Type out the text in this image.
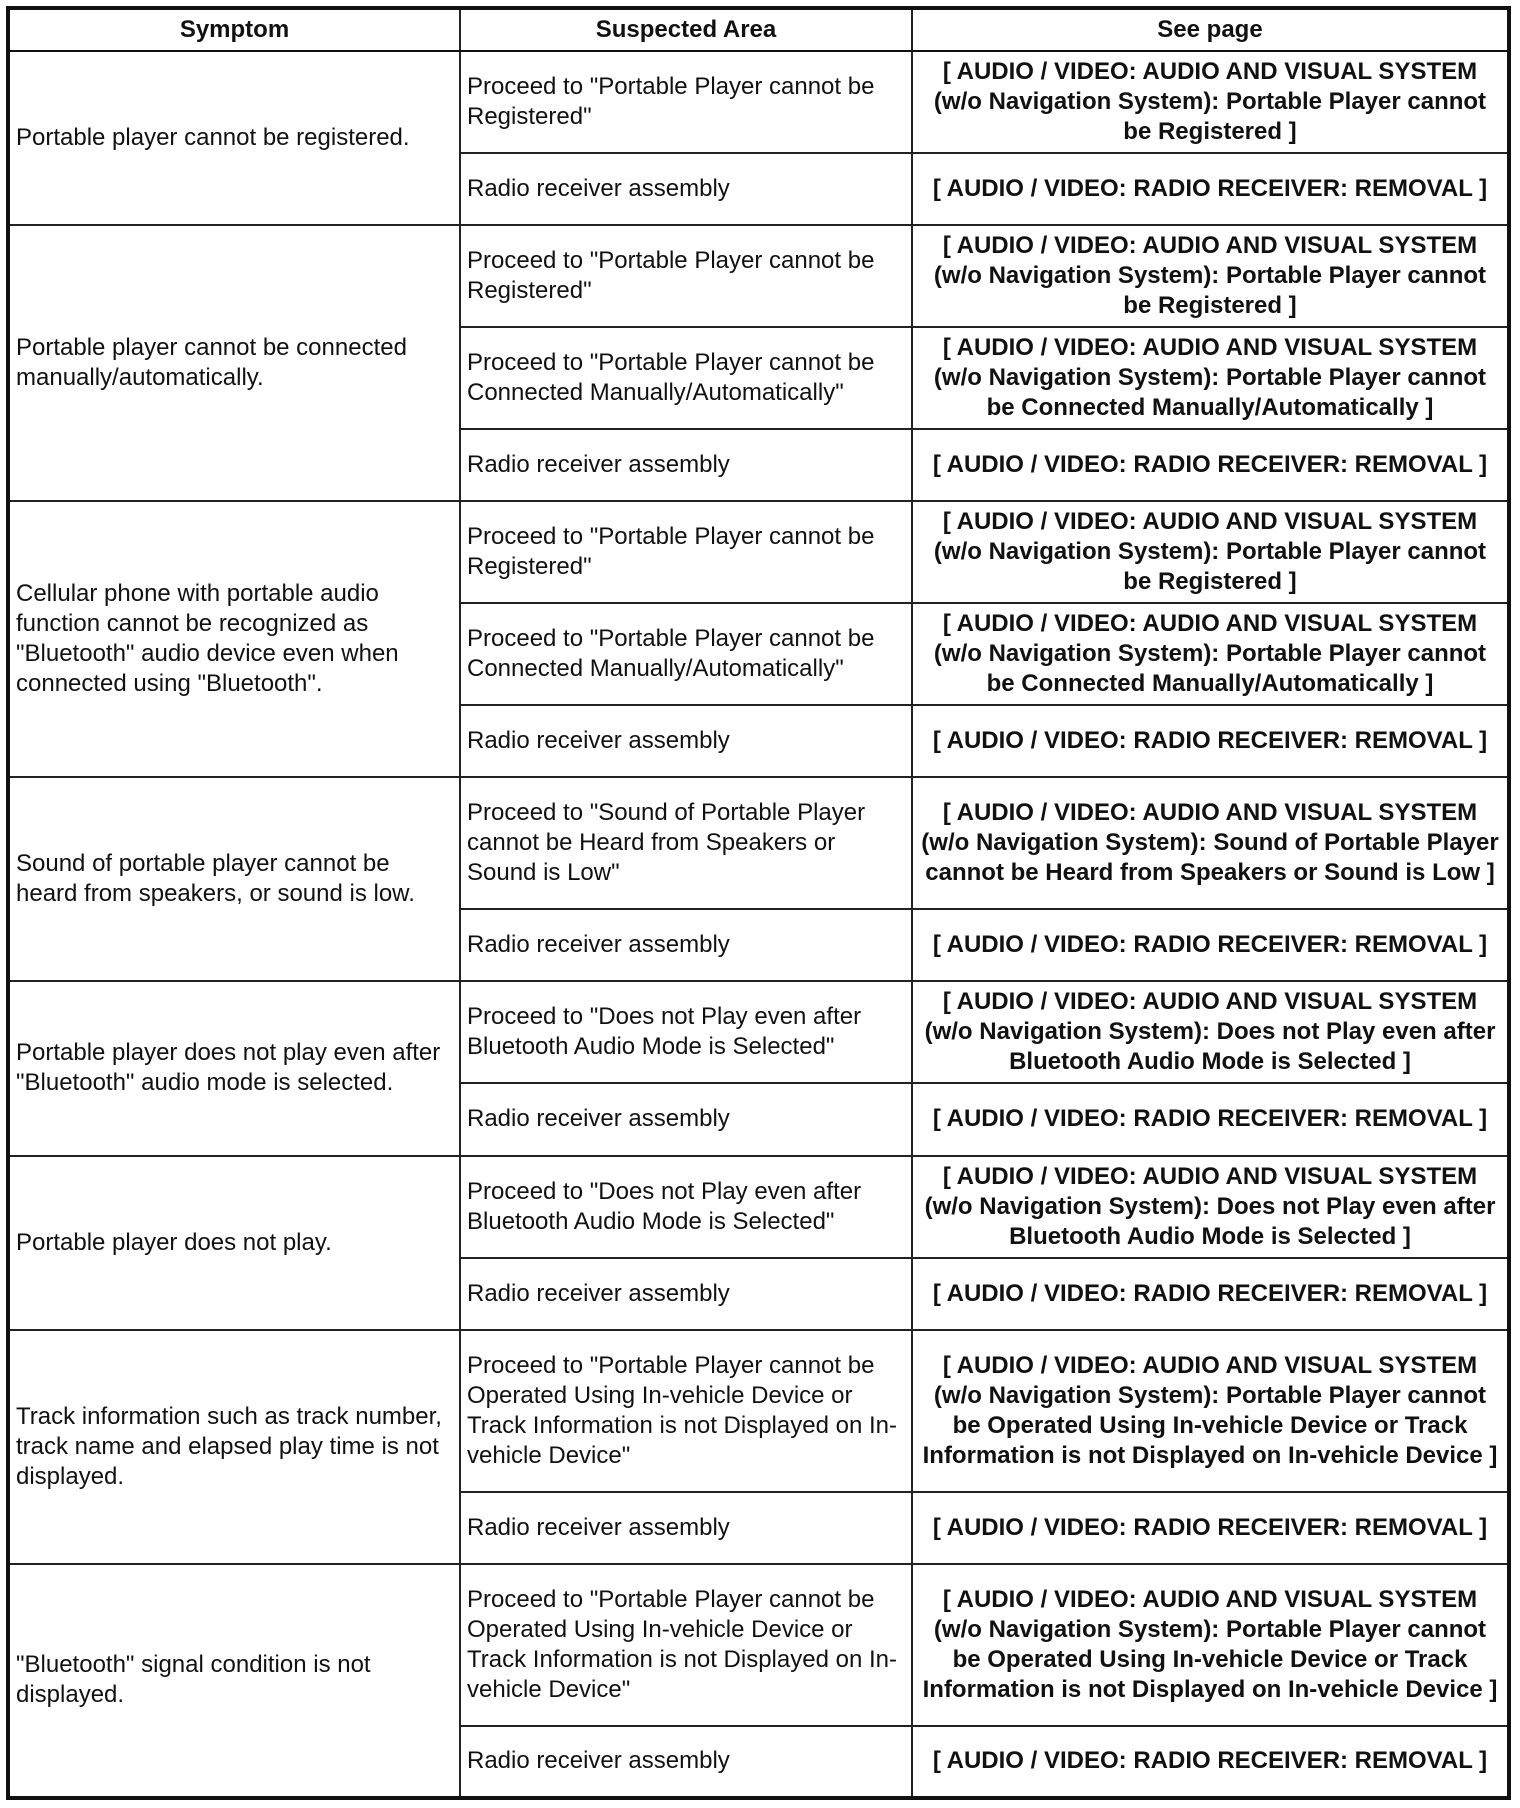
Symptom	Suspected Area	See page
Portable player cannot be registered.	Proceed to "Portable Player cannot be Registered"	[ AUDIO / VIDEO: AUDIO AND VISUAL SYSTEM (w/o Navigation System): Portable Player cannot be Registered ]
	Radio receiver assembly	[ AUDIO / VIDEO: RADIO RECEIVER: REMOVAL ]
Portable player cannot be connected manually/automatically.	Proceed to "Portable Player cannot be Registered"	[ AUDIO / VIDEO: AUDIO AND VISUAL SYSTEM (w/o Navigation System): Portable Player cannot be Registered ]
	Proceed to "Portable Player cannot be Connected Manually/Automatically"	[ AUDIO / VIDEO: AUDIO AND VISUAL SYSTEM (w/o Navigation System): Portable Player cannot be Connected Manually/Automatically ]
	Radio receiver assembly	[ AUDIO / VIDEO: RADIO RECEIVER: REMOVAL ]
Cellular phone with portable audio function cannot be recognized as "Bluetooth" audio device even when connected using "Bluetooth".	Proceed to "Portable Player cannot be Registered"	[ AUDIO / VIDEO: AUDIO AND VISUAL SYSTEM (w/o Navigation System): Portable Player cannot be Registered ]
	Proceed to "Portable Player cannot be Connected Manually/Automatically"	[ AUDIO / VIDEO: AUDIO AND VISUAL SYSTEM (w/o Navigation System): Portable Player cannot be Connected Manually/Automatically ]
	Radio receiver assembly	[ AUDIO / VIDEO: RADIO RECEIVER: REMOVAL ]
Sound of portable player cannot be heard from speakers, or sound is low.	Proceed to "Sound of Portable Player cannot be Heard from Speakers or Sound is Low"	[ AUDIO / VIDEO: AUDIO AND VISUAL SYSTEM (w/o Navigation System): Sound of Portable Player cannot be Heard from Speakers or Sound is Low ]
	Radio receiver assembly	[ AUDIO / VIDEO: RADIO RECEIVER: REMOVAL ]
Portable player does not play even after "Bluetooth" audio mode is selected.	Proceed to "Does not Play even after Bluetooth Audio Mode is Selected"	[ AUDIO / VIDEO: AUDIO AND VISUAL SYSTEM (w/o Navigation System): Does not Play even after Bluetooth Audio Mode is Selected ]
	Radio receiver assembly	[ AUDIO / VIDEO: RADIO RECEIVER: REMOVAL ]
Portable player does not play.	Proceed to "Does not Play even after Bluetooth Audio Mode is Selected"	[ AUDIO / VIDEO: AUDIO AND VISUAL SYSTEM (w/o Navigation System): Does not Play even after Bluetooth Audio Mode is Selected ]
	Radio receiver assembly	[ AUDIO / VIDEO: RADIO RECEIVER: REMOVAL ]
Track information such as track number, track name and elapsed play time is not displayed.	Proceed to "Portable Player cannot be Operated Using In-vehicle Device or Track Information is not Displayed on In-vehicle Device"	[ AUDIO / VIDEO: AUDIO AND VISUAL SYSTEM (w/o Navigation System): Portable Player cannot be Operated Using In-vehicle Device or Track Information is not Displayed on In-vehicle Device ]
	Radio receiver assembly	[ AUDIO / VIDEO: RADIO RECEIVER: REMOVAL ]
"Bluetooth" signal condition is not displayed.	Proceed to "Portable Player cannot be Operated Using In-vehicle Device or Track Information is not Displayed on In-vehicle Device"	[ AUDIO / VIDEO: AUDIO AND VISUAL SYSTEM (w/o Navigation System): Portable Player cannot be Operated Using In-vehicle Device or Track Information is not Displayed on In-vehicle Device ]
	Radio receiver assembly	[ AUDIO / VIDEO: RADIO RECEIVER: REMOVAL ]
